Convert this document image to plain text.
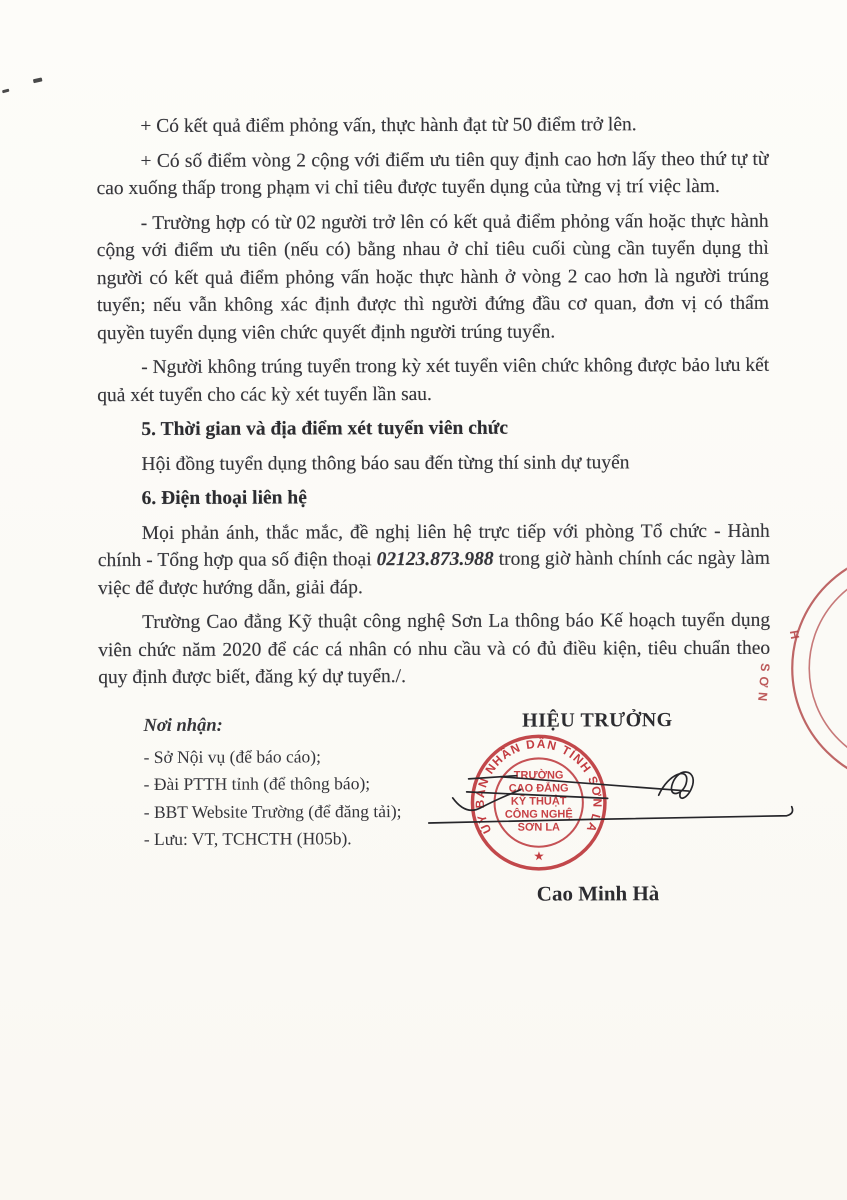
+ Có kết quả điểm phỏng vấn, thực hành đạt từ 50 điểm trở lên.

+ Có số điểm vòng 2 cộng với điểm ưu tiên quy định cao hơn lấy theo thứ tự từ cao xuống thấp trong phạm vi chỉ tiêu được tuyển dụng của từng vị trí việc làm.

- Trường hợp có từ 02 người trở lên có kết quả điểm phỏng vấn hoặc thực hành cộng với điểm ưu tiên (nếu có) bằng nhau ở chỉ tiêu cuối cùng cần tuyển dụng thì người có kết quả điểm phỏng vấn hoặc thực hành ở vòng 2 cao hơn là người trúng tuyển; nếu vẫn không xác định được thì người đứng đầu cơ quan, đơn vị có thẩm quyền tuyển dụng viên chức quyết định người trúng tuyển.

- Người không trúng tuyển trong kỳ xét tuyển viên chức không được bảo lưu kết quả xét tuyển cho các kỳ xét tuyển lần sau.

5. Thời gian và địa điểm xét tuyển viên chức

Hội đồng tuyển dụng thông báo sau đến từng thí sinh dự tuyển

6. Điện thoại liên hệ

Mọi phản ánh, thắc mắc, đề nghị liên hệ trực tiếp với phòng Tổ chức - Hành chính - Tổng hợp qua số điện thoại 02123.873.988 trong giờ hành chính các ngày làm việc để được hướng dẫn, giải đáp.

Trường Cao đẳng Kỹ thuật công nghệ Sơn La thông báo Kế hoạch tuyển dụng viên chức năm 2020 để các cá nhân có nhu cầu và có đủ điều kiện, tiêu chuẩn theo quy định được biết, đăng ký dự tuyển./.

Nơi nhận:
- Sở Nội vụ (để báo cáo);
- Đài PTTH tỉnh (để thông báo);
- BBT Website Trường (để đăng tải);
- Lưu: VT, TCHCTH (H05b).
HIỆU TRƯỞNG
ỦY BAN NHÂN DÂN TỈNH SƠN LA
★
TRƯỜNG
CAO ĐẲNG
KỸ THUẬT
CÔNG NGHỆ
SƠN LA
Cao Minh Hà
H
SƠN
